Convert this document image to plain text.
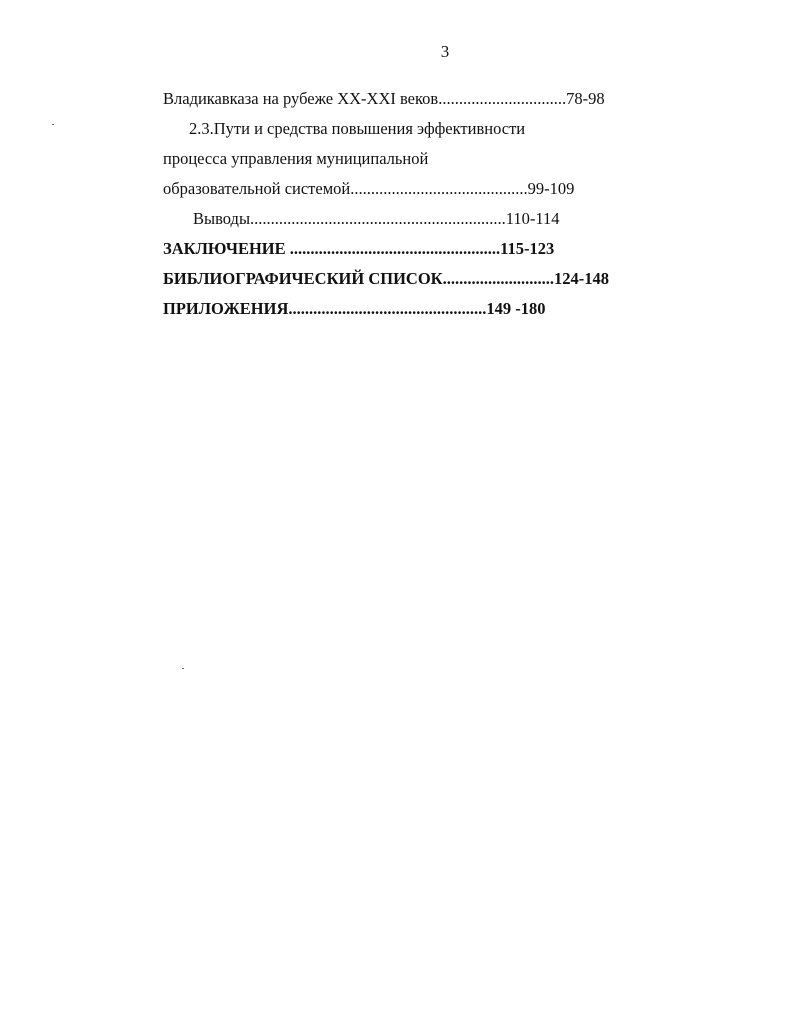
3
Владикавказа на рубеже XX-XXI веков...............................78-98
2.3.Пути и средства повышения эффективности
процесса управления муниципальной
образовательной системой...........................................99-109
Выводы..............................................................110-114
ЗАКЛЮЧЕНИЕ ...................................................115-123
БИБЛИОГРАФИЧЕСКИЙ СПИСОК...........................124-148
ПРИЛОЖЕНИЯ................................................149 -180
